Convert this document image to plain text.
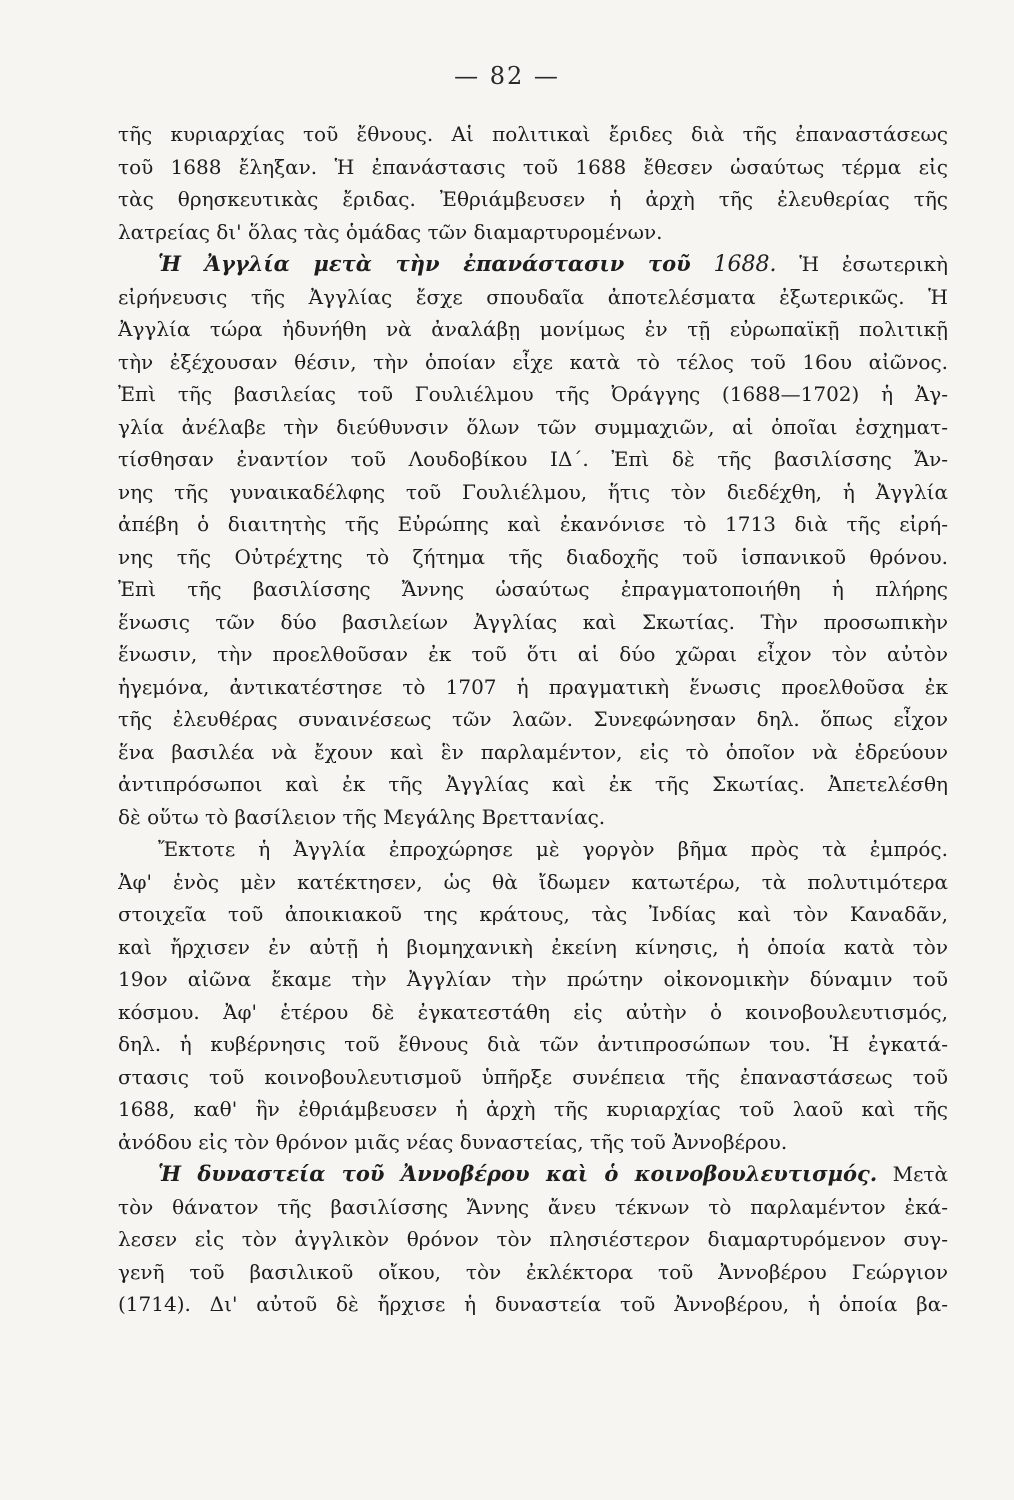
— 82 —
τῆς κυριαρχίας τοῦ ἔθνους. Αἱ πολιτικαὶ ἔριδες διὰ τῆς ἐπαναστάσεως
τοῦ 1688 ἔληξαν. Ἡ ἐπανάστασις τοῦ 1688 ἔθεσεν ὡσαύτως τέρμα εἰς
τὰς θρησκευτικὰς ἔριδας. Ἐθριάμβευσεν ἡ ἀρχὴ τῆς ἐλευθερίας τῆς
λατρείας δι' ὅλας τὰς ὁμάδας τῶν διαμαρτυρομένων.
Ἡ Ἀγγλία μετὰ τὴν ἐπανάστασιν τοῦ 1688. Ἡ ἐσωτερικὴ
εἰρήνευσις τῆς Ἀγγλίας ἔσχε σπουδαῖα ἀποτελέσματα ἐξωτερικῶς. Ἡ
Ἀγγλία τώρα ἠδυνήθη νὰ ἀναλάβῃ μονίμως ἐν τῇ εὐρωπαϊκῇ πολιτικῇ
τὴν ἐξέχουσαν θέσιν, τὴν ὁποίαν εἶχε κατὰ τὸ τέλος τοῦ 16ου αἰῶνος.
Ἐπὶ τῆς βασιλείας τοῦ Γουλιέλμου τῆς Ὀράγγης (1688—1702) ἡ Ἀγ-
γλία ἀνέλαβε τὴν διεύθυνσιν ὅλων τῶν συμμαχιῶν, αἱ ὁποῖαι ἐσχηματ-
τίσθησαν ἐναντίον τοῦ Λουδοβίκου ΙΔ΄. Ἐπὶ δὲ τῆς βασιλίσσης Ἄν-
νης τῆς γυναικαδέλφης τοῦ Γουλιέλμου, ἥτις τὸν διεδέχθη, ἡ Ἀγγλία
ἀπέβη ὁ διαιτητὴς τῆς Εὐρώπης καὶ ἐκανόνισε τὸ 1713 διὰ τῆς εἰρή-
νης τῆς Οὐτρέχτης τὸ ζήτημα τῆς διαδοχῆς τοῦ ἱσπανικοῦ θρόνου.
Ἐπὶ τῆς βασιλίσσης Ἄννης ὡσαύτως ἐπραγματοποιήθη ἡ πλήρης
ἕνωσις τῶν δύο βασιλείων Ἀγγλίας καὶ Σκωτίας. Τὴν προσωπικὴν
ἕνωσιν, τὴν προελθοῦσαν ἐκ τοῦ ὅτι αἱ δύο χῶραι εἶχον τὸν αὐτὸν
ἡγεμόνα, ἀντικατέστησε τὸ 1707 ἡ πραγματικὴ ἕνωσις προελθοῦσα ἐκ
τῆς ἐλευθέρας συναινέσεως τῶν λαῶν. Συνεφώνησαν δηλ. ὅπως εἶχον
ἕνα βασιλέα νὰ ἔχουν καὶ ἓν παρλαμέντον, εἰς τὸ ὁποῖον νὰ ἑδρεύουν
ἀντιπρόσωποι καὶ ἐκ τῆς Ἀγγλίας καὶ ἐκ τῆς Σκωτίας. Ἀπετελέσθη
δὲ οὕτω τὸ βασίλειον τῆς Μεγάλης Βρεττανίας.
Ἔκτοτε ἡ Ἀγγλία ἐπροχώρησε μὲ γοργὸν βῆμα πρὸς τὰ ἐμπρός.
Ἀφ' ἑνὸς μὲν κατέκτησεν, ὡς θὰ ἴδωμεν κατωτέρω, τὰ πολυτιμότερα
στοιχεῖα τοῦ ἀποικιακοῦ της κράτους, τὰς Ἰνδίας καὶ τὸν Καναδᾶν,
καὶ ἤρχισεν ἐν αὐτῇ ἡ βιομηχανικὴ ἐκείνη κίνησις, ἡ ὁποία κατὰ τὸν
19ον αἰῶνα ἔκαμε τὴν Ἀγγλίαν τὴν πρώτην οἰκονομικὴν δύναμιν τοῦ
κόσμου. Ἀφ' ἑτέρου δὲ ἐγκατεστάθη εἰς αὐτὴν ὁ κοινοβουλευτισμός,
δηλ. ἡ κυβέρνησις τοῦ ἔθνους διὰ τῶν ἀντιπροσώπων του. Ἡ ἐγκατά-
στασις τοῦ κοινοβουλευτισμοῦ ὑπῆρξε συνέπεια τῆς ἐπαναστάσεως τοῦ
1688, καθ' ἣν ἐθριάμβευσεν ἡ ἀρχὴ τῆς κυριαρχίας τοῦ λαοῦ καὶ τῆς
ἀνόδου εἰς τὸν θρόνον μιᾶς νέας δυναστείας, τῆς τοῦ Ἀννοβέρου.
Ἡ δυναστεία τοῦ Ἀννοβέρου καὶ ὁ κοινοβουλευτισμός. Μετὰ
τὸν θάνατον τῆς βασιλίσσης Ἄννης ἄνευ τέκνων τὸ παρλαμέντον ἐκά-
λεσεν εἰς τὸν ἀγγλικὸν θρόνον τὸν πλησιέστερον διαμαρτυρόμενον συγ-
γενῆ τοῦ βασιλικοῦ οἴκου, τὸν ἐκλέκτορα τοῦ Ἀννοβέρου Γεώργιον
(1714). Δι' αὐτοῦ δὲ ἤρχισε ἡ δυναστεία τοῦ Ἀννοβέρου, ἡ ὁποία βα-
